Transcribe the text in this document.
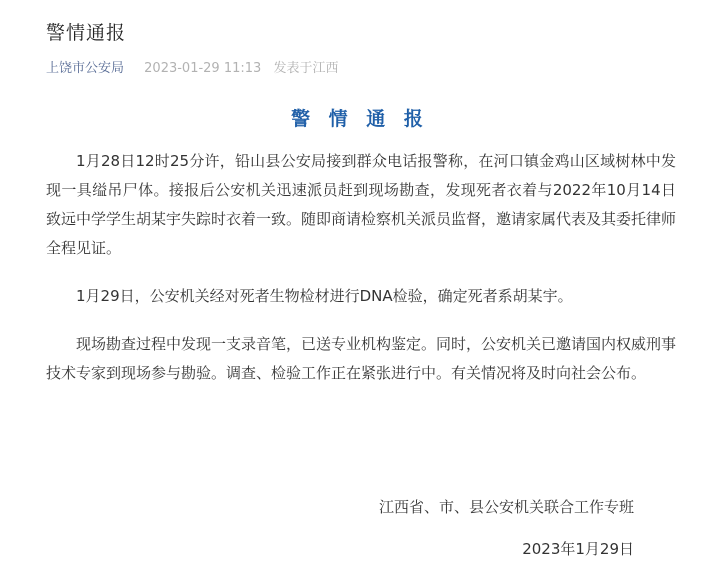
警情通报
上饶市公安局 2023-01-29 11:13 发表于江西
警 情 通 报

1月28日12时25分许，铅山县公安局接到群众电话报警称，在河口镇金鸡山区域树林中发现一具缢吊尸体。接报后公安机关迅速派员赶到现场勘查，发现死者衣着与2022年10月14日致远中学学生胡某宇失踪时衣着一致。随即商请检察机关派员监督，邀请家属代表及其委托律师全程见证。

1月29日，公安机关经对死者生物检材进行DNA检验，确定死者系胡某宇。

现场勘查过程中发现一支录音笔，已送专业机构鉴定。同时，公安机关已邀请国内权威刑事技术专家到现场参与勘验。调查、检验工作正在紧张进行中。有关情况将及时向社会公布。

江西省、市、县公安机关联合工作专班
2023年1月29日
